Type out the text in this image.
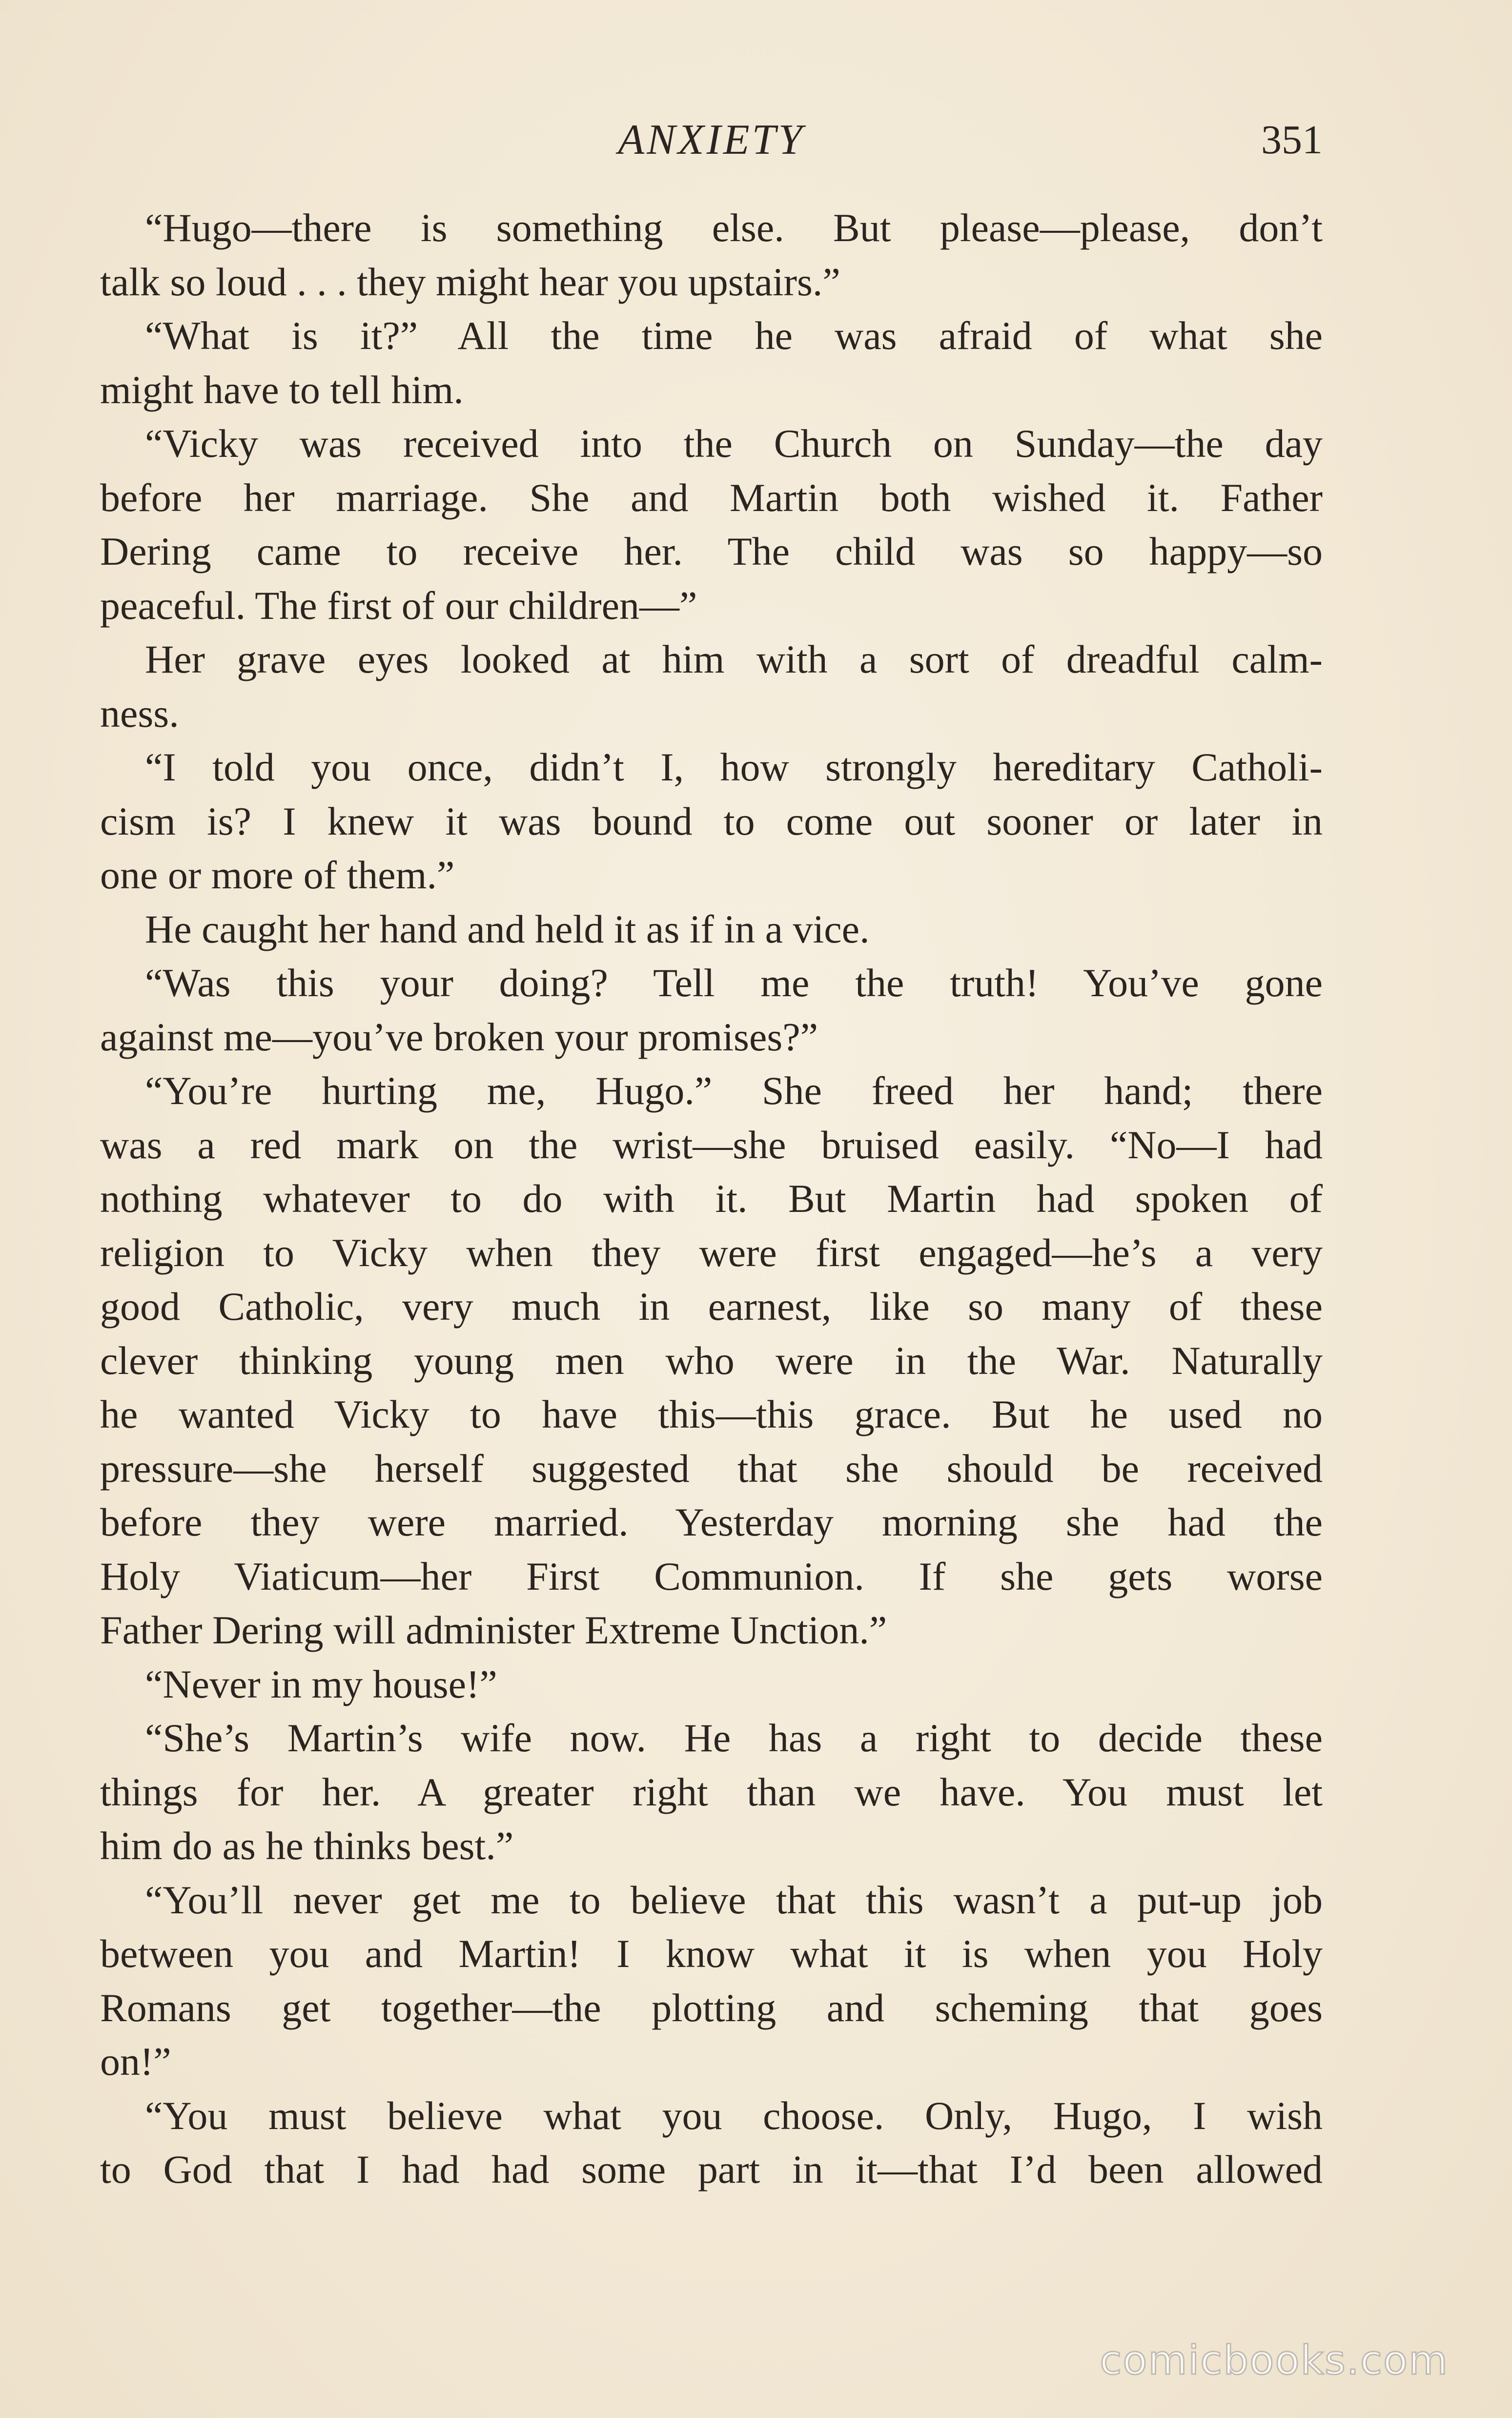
ANXIETY	351
“Hugo—there is something else. But please—please, don’t
talk so loud . . . they might hear you upstairs.”
“What is it?” All the time he was afraid of what she
might have to tell him.
“Vicky was received into the Church on Sunday—the day
before her marriage. She and Martin both wished it. Father
Dering came to receive her. The child was so happy—so
peaceful. The first of our children—”
Her grave eyes looked at him with a sort of dreadful calm-
ness.
“I told you once, didn’t I, how strongly hereditary Catholi-
cism is? I knew it was bound to come out sooner or later in
one or more of them.”
He caught her hand and held it as if in a vice.
“Was this your doing? Tell me the truth! You’ve gone
against me—you’ve broken your promises?”
“You’re hurting me, Hugo.” She freed her hand; there
was a red mark on the wrist—she bruised easily. “No—I had
nothing whatever to do with it. But Martin had spoken of
religion to Vicky when they were first engaged—he’s a very
good Catholic, very much in earnest, like so many of these
clever thinking young men who were in the War. Naturally
he wanted Vicky to have this—this grace. But he used no
pressure—she herself suggested that she should be received
before they were married. Yesterday morning she had the
Holy Viaticum—her First Communion. If she gets worse
Father Dering will administer Extreme Unction.”
“Never in my house!”
“She’s Martin’s wife now. He has a right to decide these
things for her. A greater right than we have. You must let
him do as he thinks best.”
“You’ll never get me to believe that this wasn’t a put-up job
between you and Martin! I know what it is when you Holy
Romans get together—the plotting and scheming that goes
on!”
“You must believe what you choose. Only, Hugo, I wish
to God that I had had some part in it—that I’d been allowed
comicbooks.com
